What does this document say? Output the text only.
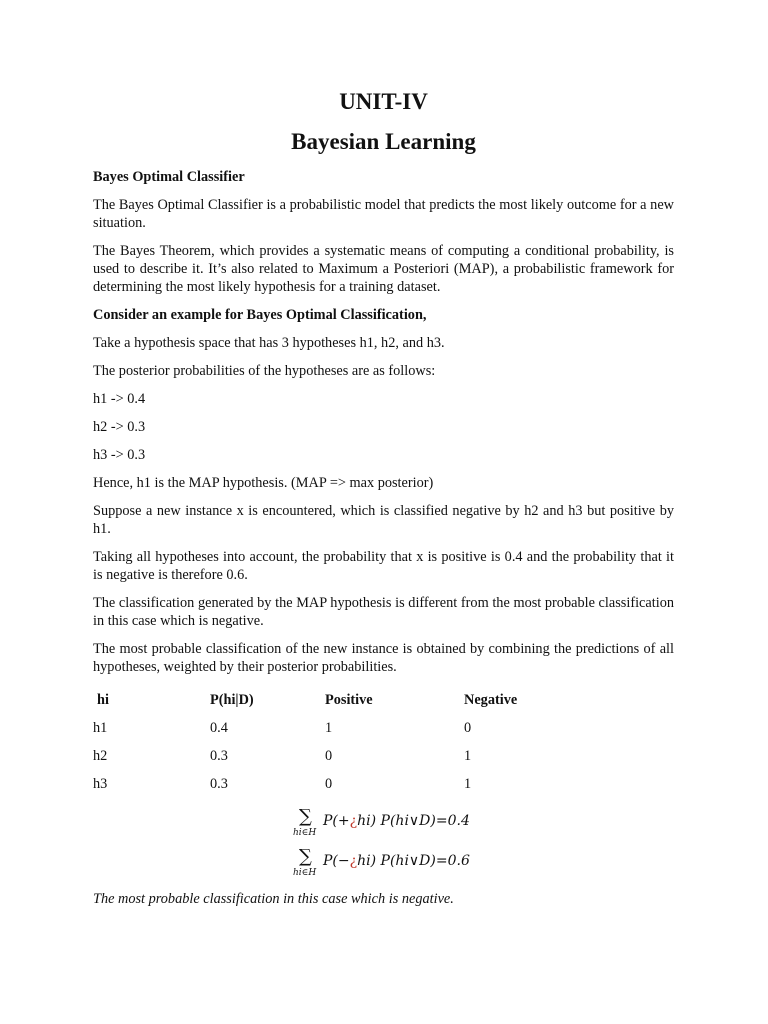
UNIT-IV
Bayesian Learning

Bayes Optimal Classifier

The Bayes Optimal Classifier is a probabilistic model that predicts the most likely outcome for a new situation.

The Bayes Theorem, which provides a systematic means of computing a conditional probability, is used to describe it. It’s also related to Maximum a Posteriori (MAP), a probabilistic framework for determining the most likely hypothesis for a training dataset.

Consider an example for Bayes Optimal Classification,

Take a hypothesis space that has 3 hypotheses h1, h2, and h3.

The posterior probabilities of the hypotheses are as follows:

h1 -> 0.4

h2 -> 0.3

h3 -> 0.3

Hence, h1 is the MAP hypothesis. (MAP => max posterior)

Suppose a new instance x is encountered, which is classified negative by h2 and h3 but positive by h1.

Taking all hypotheses into account, the probability that x is positive is 0.4 and the probability that it is negative is therefore 0.6.

The classification generated by the MAP hypothesis is different from the most probable classification in this case which is negative.

The most probable classification of the new instance is obtained by combining the predictions of all hypotheses, weighted by their posterior probabilities.

hi	P(hi|D)	Positive	Negative
h1	0.4	1	0
h2	0.3	0	1
h3	0.3	0	1
∑
hi∈H
P(+¿hi) P(hi∨D)=0.4
∑
hi∈H
P(−¿hi) P(hi∨D)=0.6

The most probable classification in this case which is negative.
